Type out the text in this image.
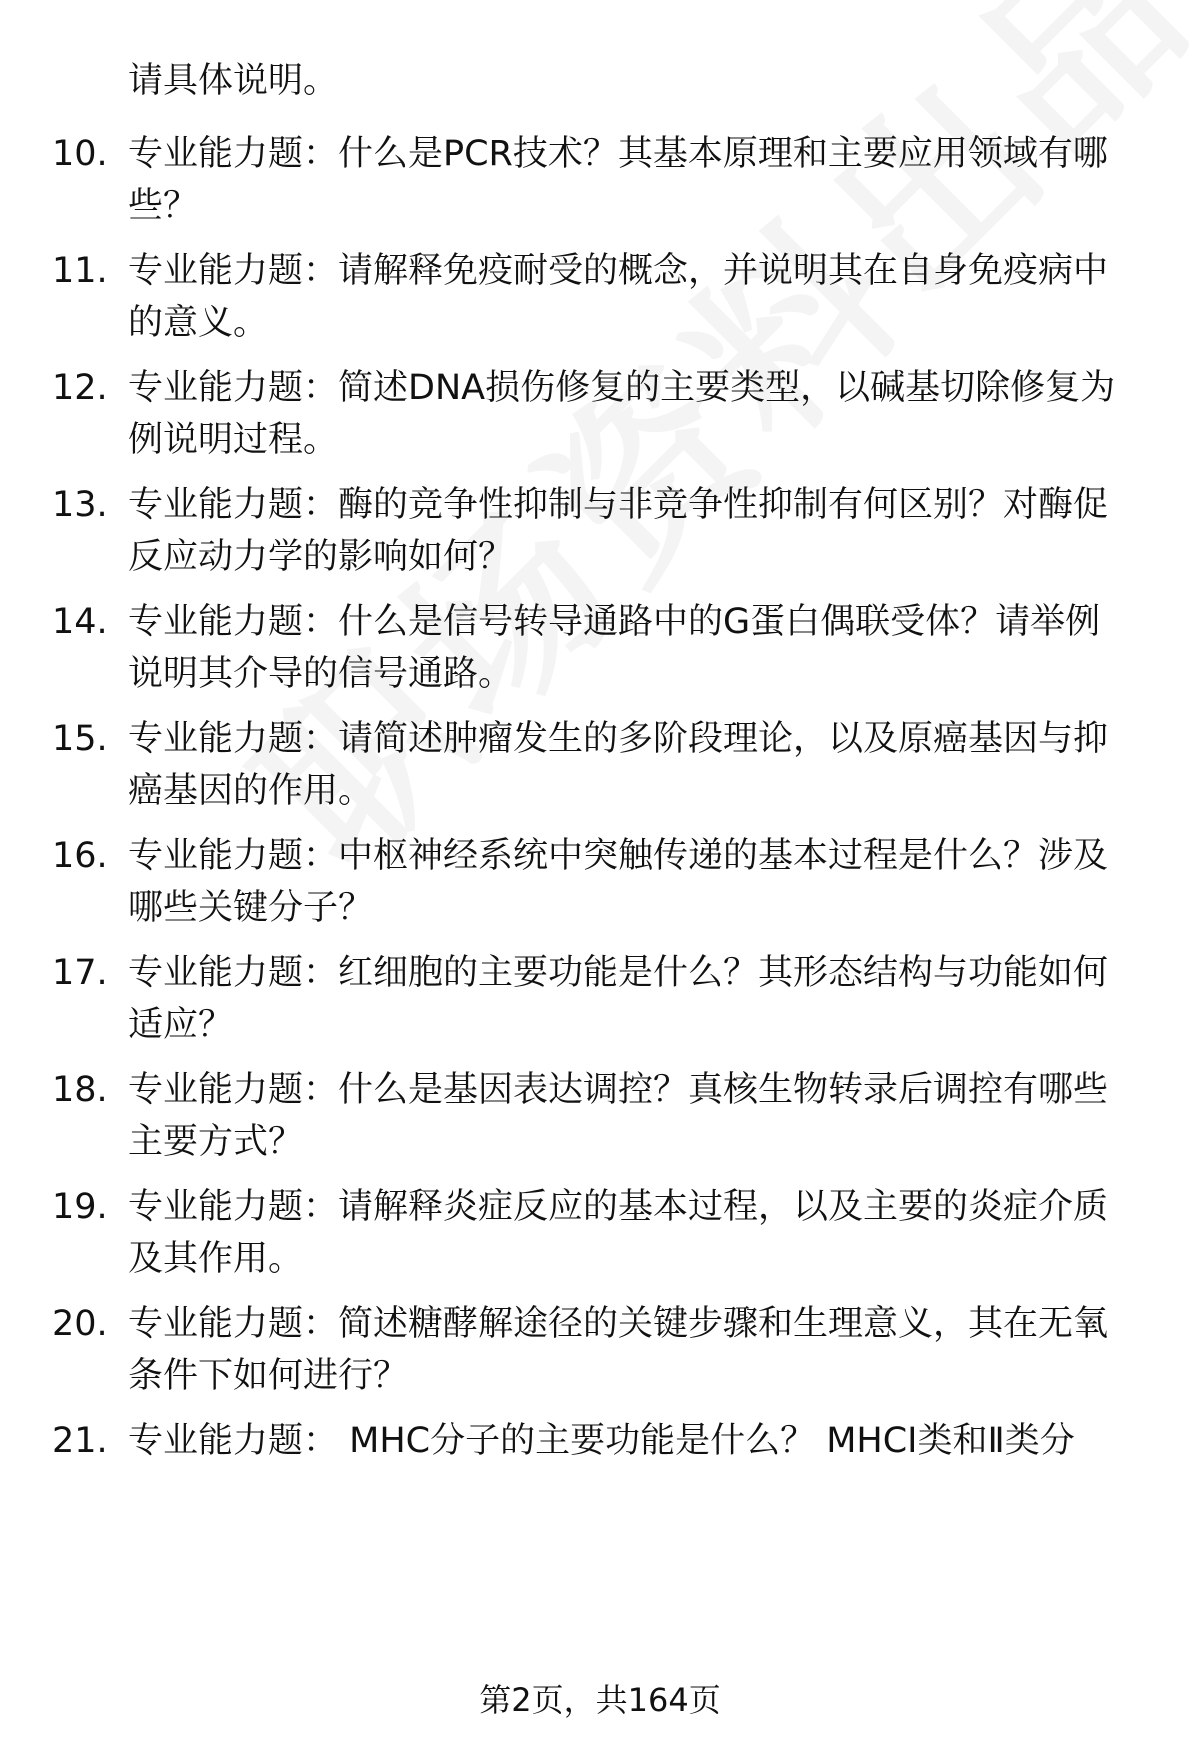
请具体说明。
10. 专业能力题：什么是PCR技术？其基本原理和主要应用领域有哪
些？
11. 专业能力题：请解释免疫耐受的概念，并说明其在自身免疫病中
的意义。
12. 专业能力题：简述DNA损伤修复的主要类型，以碱基切除修复为
例说明过程。
13. 专业能力题：酶的竞争性抑制与非竞争性抑制有何区别？对酶促
反应动力学的影响如何？
14. 专业能力题：什么是信号转导通路中的G蛋白偶联受体？请举例
说明其介导的信号通路。
15. 专业能力题：请简述肿瘤发生的多阶段理论，以及原癌基因与抑
癌基因的作用。
16. 专业能力题：中枢神经系统中突触传递的基本过程是什么？涉及
哪些关键分子？
17. 专业能力题：红细胞的主要功能是什么？其形态结构与功能如何
适应？
18. 专业能力题：什么是基因表达调控？真核生物转录后调控有哪些
主要方式？
19. 专业能力题：请解释炎症反应的基本过程，以及主要的炎症介质
及其作用。
20. 专业能力题：简述糖酵解途径的关键步骤和生理意义，其在无氧
条件下如何进行？
21. 专业能力题： MHC分子的主要功能是什么？ MHCⅠ类和Ⅱ类分
第2页，共164页
